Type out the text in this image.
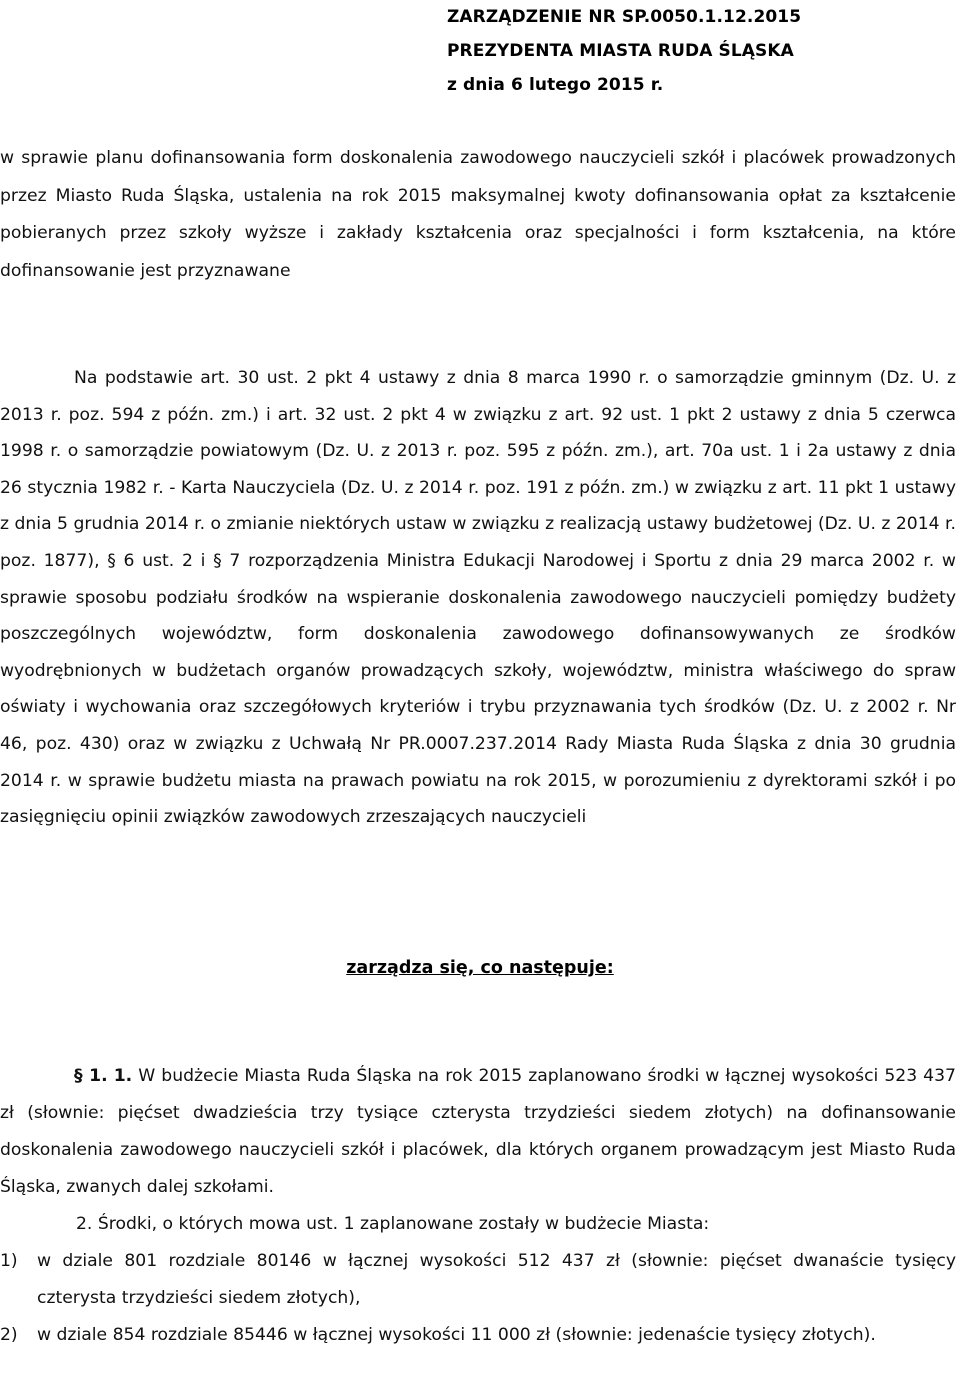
ZARZĄDZENIE NR SP.0050.1.12.2015
PREZYDENTA MIASTA RUDA ŚLĄSKA
z dnia 6 lutego 2015 r.
w sprawie planu dofinansowania form doskonalenia zawodowego nauczycieli szkół i placówek prowadzonych przez Miasto Ruda Śląska, ustalenia na rok 2015 maksymalnej kwoty dofinansowania opłat za kształcenie pobieranych przez szkoły wyższe i zakłady kształcenia oraz specjalności i form kształcenia, na które dofinansowanie jest przyznawane
Na podstawie art. 30 ust. 2 pkt 4 ustawy z dnia 8 marca 1990 r. o samorządzie gminnym (Dz. U. z 2013 r. poz. 594 z późn. zm.) i art. 32 ust. 2 pkt 4 w związku z art. 92 ust. 1 pkt 2 ustawy z dnia 5 czerwca 1998 r. o samorządzie powiatowym (Dz. U. z 2013 r. poz. 595 z późn. zm.), art. 70a ust. 1 i 2a ustawy z dnia 26 stycznia 1982 r. - Karta Nauczyciela (Dz. U. z 2014 r. poz. 191 z późn. zm.) w związku z art. 11 pkt 1 ustawy z dnia 5 grudnia 2014 r. o zmianie niektórych ustaw w związku z realizacją ustawy budżetowej (Dz. U. z 2014 r. poz. 1877), § 6 ust. 2 i § 7 rozporządzenia Ministra Edukacji Narodowej i Sportu z dnia 29 marca 2002 r. w sprawie sposobu podziału środków na wspieranie doskonalenia zawodowego nauczycieli pomiędzy budżety poszczególnych województw, form doskonalenia zawodowego dofinansowywanych ze środków wyodrębnionych w budżetach organów prowadzących szkoły, województw, ministra właściwego do spraw oświaty i wychowania oraz szczegółowych kryteriów i trybu przyznawania tych środków (Dz. U. z 2002 r. Nr 46, poz. 430) oraz w związku z Uchwałą Nr PR.0007.237.2014 Rady Miasta Ruda Śląska z dnia 30 grudnia 2014 r. w sprawie budżetu miasta na prawach powiatu na rok 2015, w porozumieniu z dyrektorami szkół i po zasięgnięciu opinii związków zawodowych zrzeszających nauczycieli
zarządza się, co następuje:
§ 1. 1. W budżecie Miasta Ruda Śląska na rok 2015 zaplanowano środki w łącznej wysokości 523 437 zł (słownie: pięćset dwadzieścia trzy tysiące czterysta trzydzieści siedem złotych) na dofinansowanie doskonalenia zawodowego nauczycieli szkół i placówek, dla których organem prowadzącym jest Miasto Ruda Śląska, zwanych dalej szkołami.
2. Środki, o których mowa ust. 1 zaplanowane zostały w budżecie Miasta:
1)	w dziale 801 rozdziale 80146 w łącznej wysokości 512 437 zł (słownie: pięćset dwanaście tysięcy czterysta trzydzieści siedem złotych),
2)	w dziale 854 rozdziale 85446 w łącznej wysokości 11 000 zł (słownie: jedenaście tysięcy złotych).
